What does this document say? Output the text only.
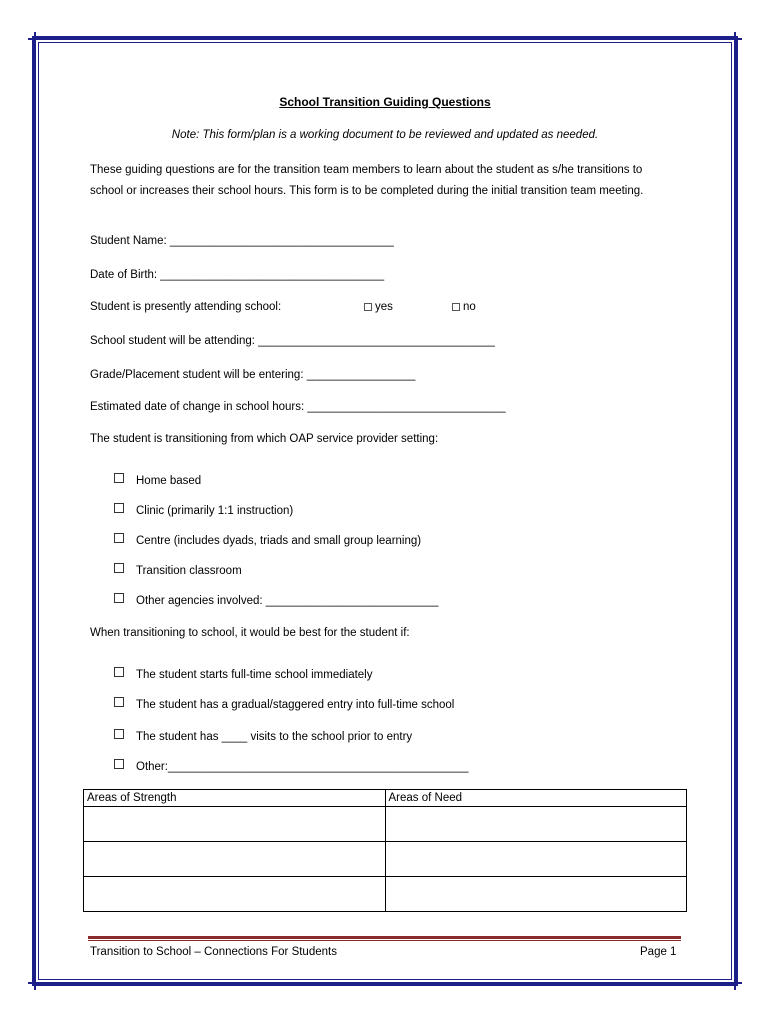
School Transition Guiding Questions
Note: This form/plan is a working document to be reviewed and updated as needed.
These guiding questions are for the transition team members to learn about the student as s/he transitions to school or increases their school hours. This form is to be completed during the initial transition team meeting.
Student Name: ___________________________________
Date of Birth: ___________________________________
Student is presently attending school:	yes	no
School student will be attending: _____________________________________
Grade/Placement student will be entering: _________________
Estimated date of change in school hours: _______________________________
The student is transitioning from which OAP service provider setting:
Home based
Clinic (primarily 1:1 instruction)
Centre (includes dyads, triads and small group learning)
Transition classroom
Other agencies involved: ___________________________
When transitioning to school, it would be best for the student if:
The student starts full-time school immediately
The student has a gradual/staggered entry into full-time school
The student has ____ visits to the school prior to entry
Other:_______________________________________________
Areas of Strength	Areas of Need

Transition to School – Connections For Students	Page 1
